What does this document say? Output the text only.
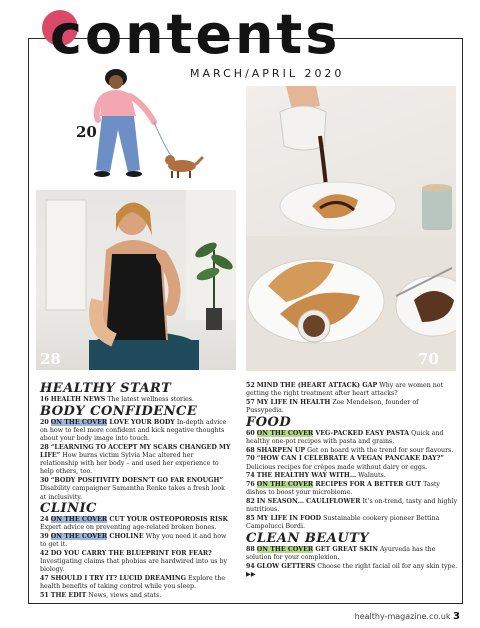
contents
MARCH/APRIL 2020
20
28	70
HEALTHY START

16 HEALTH NEWS The latest wellness stories.

BODY CONFIDENCE

20 ON THE COVER LOVE YOUR BODY In-depth advice on how to feel more confident and kick negative thoughts about your body image into touch.

28 “LEARNING TO ACCEPT MY SCARS CHANGED MY LIFE” How burns victim Sylvia Mac altered her relationship with her body – and used her experience to help others, too.

30 “BODY POSITIVITY DOESN’T GO FAR ENOUGH” Disability campaigner Samantha Renke takes a fresh look at inclusivity.

CLINIC

24 ON THE COVER CUT YOUR OSTEOPOROSIS RISK Expert advice on preventing age-related broken bones.

39 ON THE COVER CHOLINE Why you need it and how to get it.

42 DO YOU CARRY THE BLUEPRINT FOR FEAR? Investigating claims that phobias are hardwired into us by biology.

47 SHOULD I TRY IT? LUCID DREAMING Explore the health benefits of taking control while you sleep.

51 THE EDIT News, views and stats.

52 MIND THE (HEART ATTACK) GAP Why are women not getting the right treatment after heart attacks?

57 MY LIFE IN HEALTH Zoe Mendelson, founder of Pussypedia.

FOOD

60 ON THE COVER VEG-PACKED EASY PASTA Quick and healthy one-pot recipes with pasta and grains.

68 SHARPEN UP Get on board with the trend for sour flavours.

70 “HOW CAN I CELEBRATE A VEGAN PANCAKE DAY?” Delicious recipes for crêpes made without dairy or eggs.

74 THE HEALTHY WAY WITH… Walnuts.

76 ON THE COVER RECIPES FOR A BETTER GUT Tasty dishes to boost your microbiome.

82 IN SEASON… CAULIFLOWER It’s on-trend, tasty and highly nutritious.

85 MY LIFE IN FOOD Sustainable cookery pioneer Bettina Campolucci Bordi.

CLEAN BEAUTY

88 ON THE COVER GET GREAT SKIN Ayurveda has the solution for your complexion.

94 GLOW GETTERS Choose the right facial oil for any skin type. ▶▶

healthy-magazine.co.uk 3
